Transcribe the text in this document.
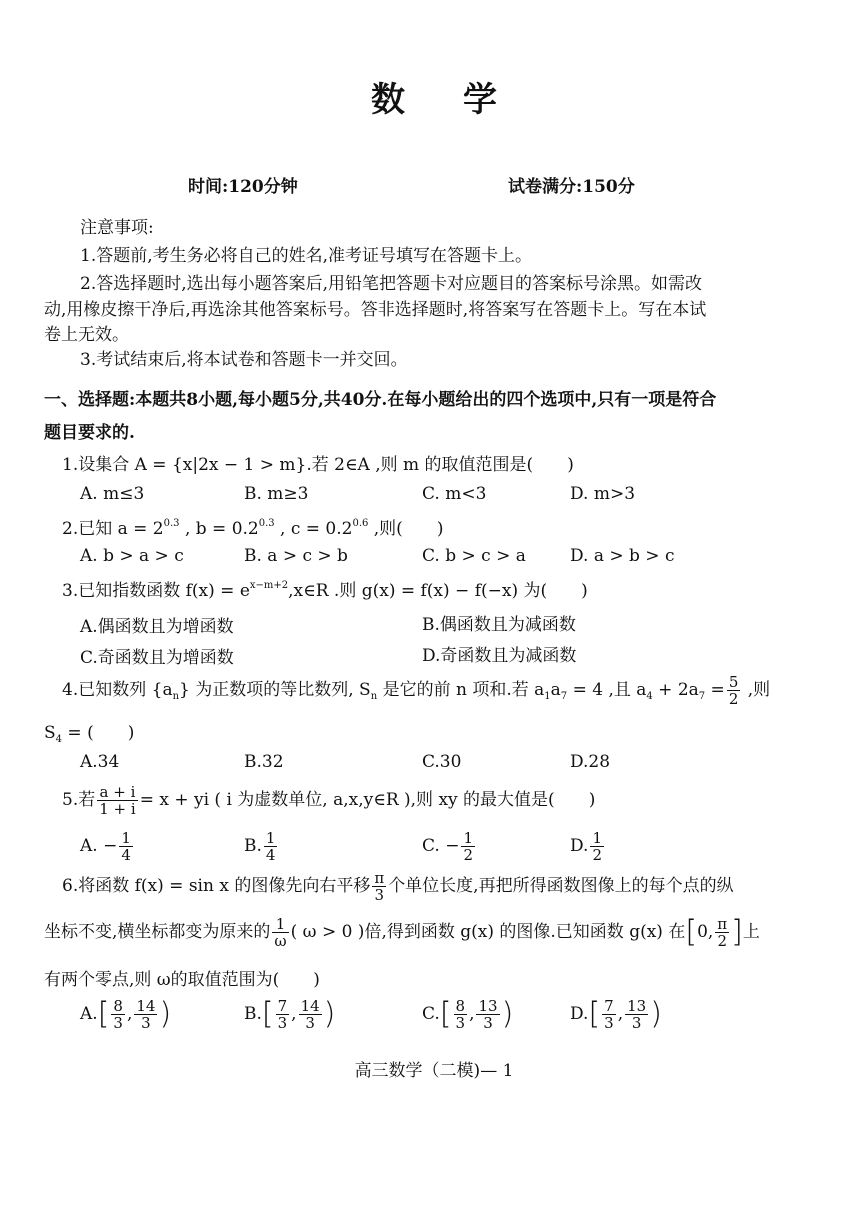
数学
时间:120分钟	试卷满分:150分
注意事项:
1.答题前,考生务必将自己的姓名,准考证号填写在答题卡上。
2.答选择题时,选出每小题答案后,用铅笔把答题卡对应题目的答案标号涂黑。如需改
动,用橡皮擦干净后,再选涂其他答案标号。答非选择题时,将答案写在答题卡上。写在本试
卷上无效。
3.考试结束后,将本试卷和答题卡一并交回。
一、选择题:本题共8小题,每小题5分,共40分.在每小题给出的四个选项中,只有一项是符合
题目要求的.
1.设集合 A = {x|2x − 1 > m}.若 2∈A ,则 m 的取值范围是(　　)
A. m≤3	B. m≥3	C. m<3	D. m>3
2.已知 $a = 2^{0.3}$ , $b = 0.2^{0.3}$ , $c = 0.2^{0.6}$ ,则(　　)
A. b > a > c	B. a > c > b	C. b > c > a	D. a > b > c
3.已知指数函数 $f(x) = e^{x-m+2},x\in R$ .则 g(x) = f(x) − f(−x) 为(　　)
A.偶函数且为增函数	B.偶函数且为减函数
C.奇函数且为增函数	D.奇函数且为减函数
4.已知数列 $\{a_n\}$ 为正数项的等比数列, $S_n$ 是它的前 n 项和.若 $a_1a_7 = 4$ ,且 $a_4 + 2a_7 = \frac{5}{2}$ ,则
$S_4$ = (　　)
A.34	B.32	C.30	D.28
5.若 $\frac{a + i}{1 + i} = x$ + yi ( i 为虚数单位, a,x,y∈R ),则 xy 的最大值是(　　)
A. − $\frac{1}{4}$	B. $\frac{1}{4}$	C. − $\frac{1}{2}$	D. $\frac{1}{2}$
6.将函数 f(x) = sin x 的图像先向右平移 $\frac{\pi}{3}$ 个单位长度,再把所得函数图像上的每个点的纵
坐标不变,横坐标都变为原来的 $\frac{1}{\omega}$ ( ω > 0 )倍,得到函数 g(x) 的图像.已知函数 g(x) 在[0, $\frac{\pi}{2}$ ]上
有两个零点,则 ω的取值范围为(　　)
$A.[ \frac{8}{3}$ , $\frac{14}{3}$ )	$B.[ \frac{7}{3}$ , $\frac{14}{3}$ )	$C.[ \frac{8}{3}$ , $\frac{13}{3}$ )	$D.[ \frac{7}{3}$ , $\frac{13}{3}$ )
高三数学（二模)— 1
